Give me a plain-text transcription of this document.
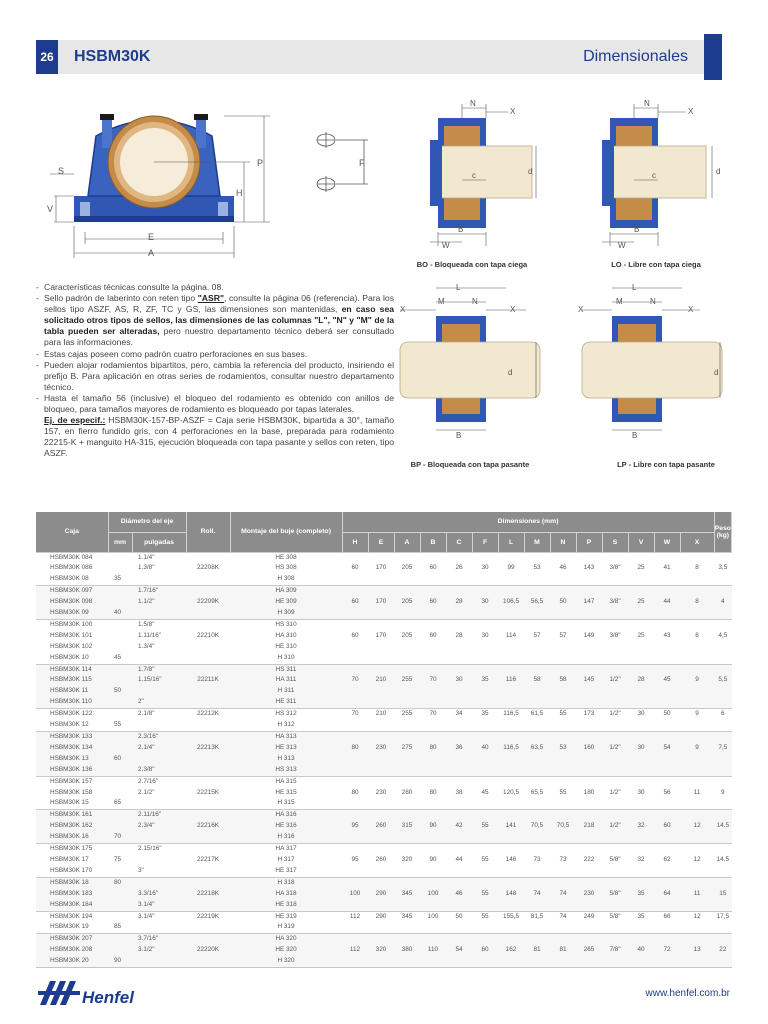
26 HSBM30K	Dimensionales
S
V
P
H
E
A
F
N
X
c	d
B
W
BO - Bloqueada con tapa ciega
N
X
c	d
B
W
LO - Libre con tapa ciega
L
M	N
X	X
d
B
BP - Bloqueada con tapa pasante
L
M	N
X	X
d
B
LP - Libre con tapa pasante
- Características técnicas consulte la página. 08.
- Sello padrón de laberinto con reten tipo "ASR", consulte la página 06 (referencia). Para los sellos tipo ASZF, AS, R, ZF, TC y GS, las dimensiones son mantenidas, en caso sea solicitado otros tipos de sellos, las dimensiones de las columnas "L", "N" y "M" de la tabla pueden ser alteradas, pero nuestro departamento técnico deberá ser consultado para las informaciones.
- Estas cajas poseen como padrón cuatro perforaciones en sus bases.
- Pueden alojar rodamientos bipartitos, pero, cambia la referencia del producto, insiriendo el prefijo B. Para aplicación en otras series de rodamientos, consultar nuestro departamento técnico.
- Hasta el tamaño 56 (inclusive) el bloqueo del rodamiento es obtenido con anillos de bloqueo, para tamaños mayores de rodamiento es bloqueado por tapas laterales.
Ej. de especif.: HSBM30K-157-BP-ASZF = Caja serie HSBM30K, bipartida a 30°, tamaño 157, en fierro fundido gris, con 4 perforaciones en la base, preparada para rodamiento 22215-K + manguito HA-315, ejecución bloqueada con tapa pasante y sellos con reten, tipo ASZF.
Caja	Diámetro del eje		Roll.	Montaje del buje (completo)	Dimensiones (mm)														Peso (kg)
	mm	pulgadas			H	E	A	B	C	F	L	M	N	P	S	V	W	X	
HSBM30K 084		1.1/4"		HE 308															
HSBM30K 086		1.3/8"	22208K	HS 308	60	170	205	60	26	30	99	53	46	143	3/8"	25	41	8	3,5
HSBM30K 08	35			H 308															
HSBM30K 097		1.7/16"		HA 309															
HSBM30K 098		1.1/2"	22209K	HE 309	60	170	205	60	28	30	106,5	56,5	50	147	3/8"	25	44	8	4
HSBM30K 09	40			H 309															
HSBM30K 100		1.5/8"		HS 310															
HSBM30K 101		1.11/16"	22210K	HA 310	60	170	205	60	28	30	114	57	57	149	3/8"	25	43	8	4,5
HSBM30K 102		1.3/4"		HE 310															
HSBM30K 10	45			H 310															
HSBM30K 114		1.7/8"		HS 311															
HSBM30K 115		1.15/16"	22211K	HA 311	70	210	255	70	30	35	116	58	58	145	1/2"	28	45	9	5,5
HSBM30K 11	50			H 311															
HSBM30K 110		2"		HE 311															
HSBM30K 122		2.1/8"	22212K	HS 312	70	210	255	70	34	35	116,5	61,5	55	173	1/2"	30	50	9	6
HSBM30K 12	55			H 312															
HSBM30K 133		2.3/16"		HA 313															
HSBM30K 134		2.1/4"	22213K	HE 313	80	230	275	80	36	40	116,5	63,5	53	160	1/2"	30	54	9	7,5
HSBM30K 13	60			H 313															
HSBM30K 136		2.3/8"		HS 313															
HSBM30K 157		2.7/16"		HA 315															
HSBM30K 158		2.1/2"	22215K	HE 315	80	230	280	80	38	45	120,5	65,5	55	180	1/2"	30	56	11	9
HSBM30K 15	65			H 315															
HSBM30K 161		2.11/16"		HA 316															
HSBM30K 162		2.3/4"	22216K	HE 316	95	260	315	90	42	55	141	70,5	70,5	218	1/2"	32	60	12	14,5
HSBM30K 16	70			H 316															
HSBM30K 175		2.15/16"		HA 317															
HSBM30K 17	75		22217K	H 317	95	260	320	90	44	55	146	73	73	222	5/8"	32	62	12	14,5
HSBM30K 170		3"		HE 317															
HSBM30K 18	80			H 318															
HSBM30K 183		3.3/16"	22218K	HA 318	100	290	345	100	46	55	148	74	74	230	5/8"	35	64	11	15
HSBM30K 184		3.1/4"		HE 318															
HSBM30K 194		3.1/4"	22219K	HE 319	112	290	345	100	50	55	155,5	81,5	74	249	5/8"	35	66	12	17,5
HSBM30K 19	85			H 319															
HSBM30K 207		3.7/16"		HA 320															
HSBM30K 208		3.1/2"	22220K	HE 320	112	320	380	110	54	60	162	81	81	265	7/8"	40	72	13	22
HSBM30K 20	90			H 320															
Henfel	www.henfel.com.br
